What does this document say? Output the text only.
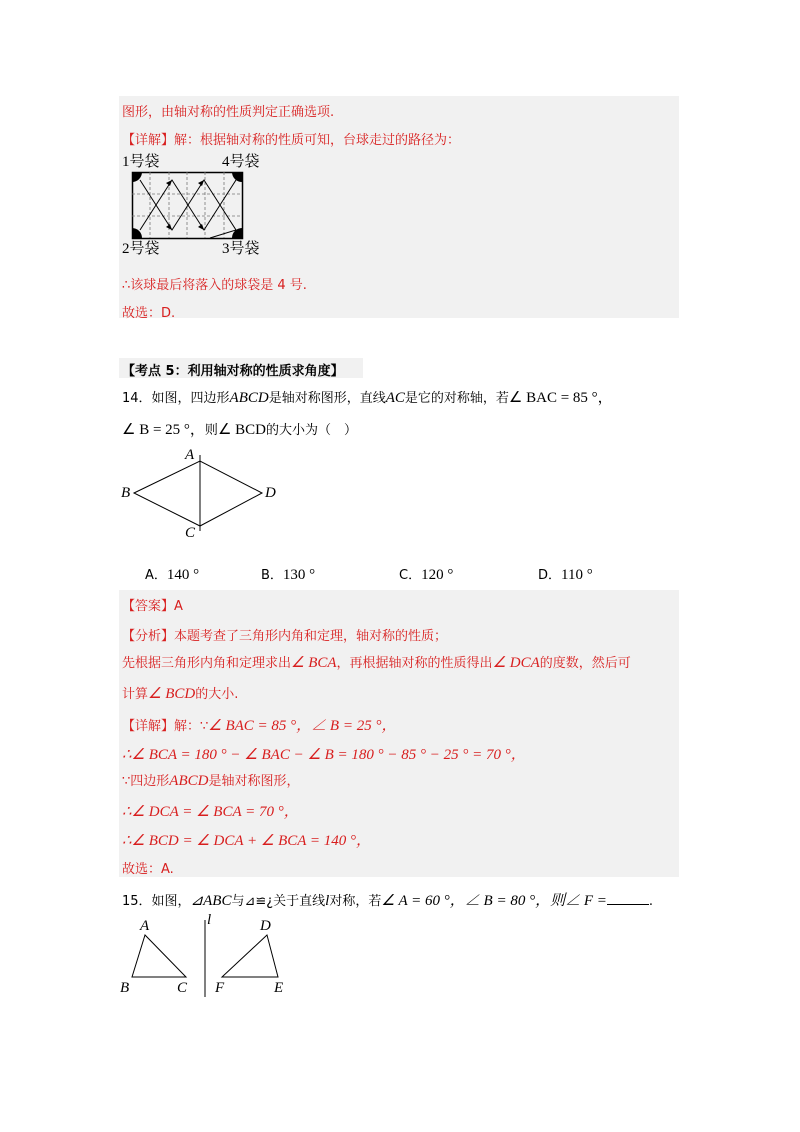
图形，由轴对称的性质判定正确选项.
【详解】解：根据轴对称的性质可知，台球走过的路径为：
1号袋	4号袋
2号袋	3号袋
∴该球最后将落入的球袋是 4 号.
故选：D.
【考点 5：利用轴对称的性质求角度】
14．如图，四边形ABCD是轴对称图形，直线AC是它的对称轴，若∠ BAC = 85 °，
∠ B = 25 °，则∠ BCD的大小为（　）
A
B	D
C
A．140 °	B．130 °	C．120 °	D．110 °
【答案】A
【分析】本题考查了三角形内角和定理，轴对称的性质；
先根据三角形内角和定理求出∠ BCA，再根据轴对称的性质得出∠ DCA的度数，然后可
计算∠ BCD的大小.
【详解】解：∵∠ BAC = 85 °，∠ B = 25 °，
∴∠ BCA = 180 ° − ∠ BAC − ∠ B = 180 ° − 85 ° − 25 ° = 70 °，
∵四边形ABCD是轴对称图形，
∴∠ DCA = ∠ BCA = 70 °，
∴∠ BCD = ∠ DCA + ∠ BCA = 140 °，
故选：A.
15．如图，⊿ABC与⊿≌¿关于直线l对称，若∠ A = 60 °，∠ B = 80 °，则∠ F =	.
A
B	C
l	D
F	E
